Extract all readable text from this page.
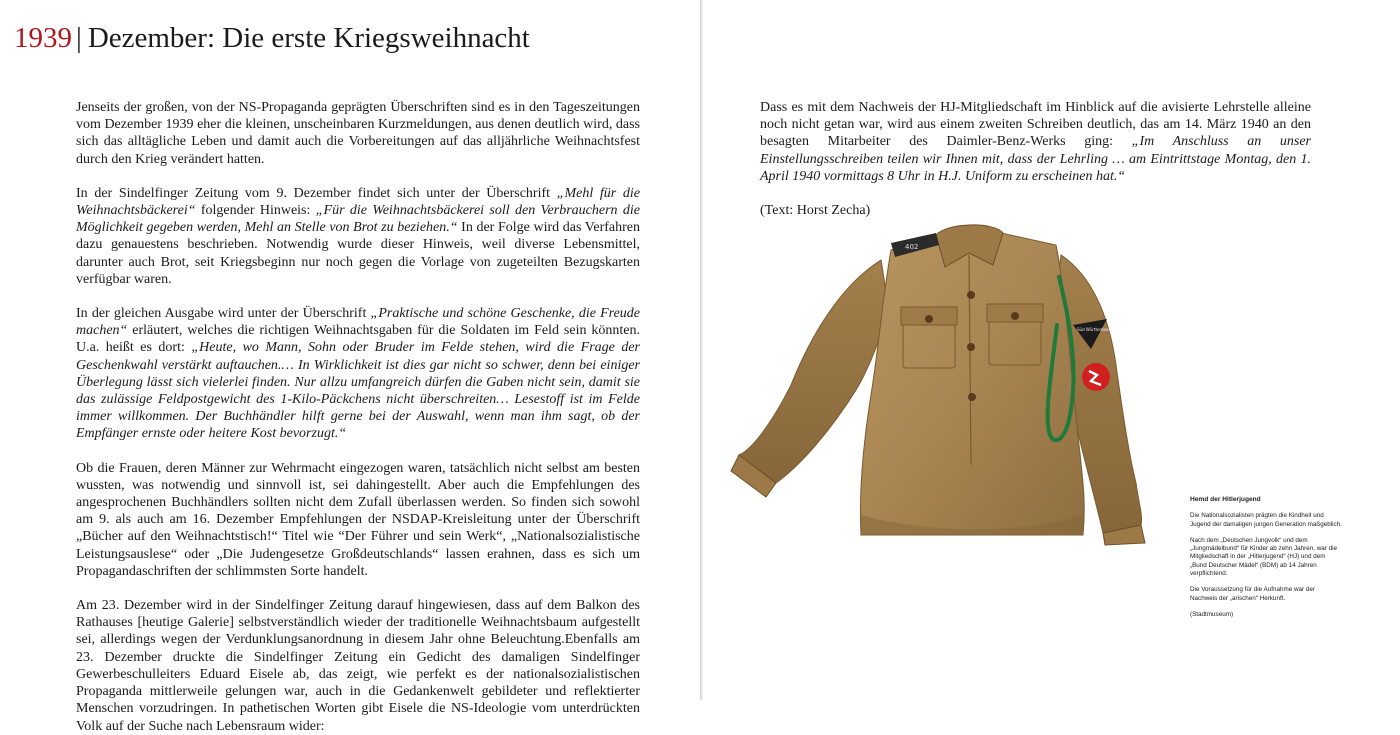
1939 | Dezember: Die erste Kriegsweihnacht

Jenseits der großen, von der NS-Propaganda geprägten Überschriften sind es in den Tageszeitungen vom Dezember 1939 eher die kleinen, unscheinbaren Kurzmeldungen, aus denen deutlich wird, dass sich das alltägliche Leben und damit auch die Vorbereitungen auf das alljährliche Weihnachtsfest durch den Krieg verändert hatten.

In der Sindelfinger Zeitung vom 9. Dezember findet sich unter der Überschrift „Mehl für die Weihnachtsbäckerei“ folgender Hinweis: „Für die Weihnachtsbäckerei soll den Verbrauchern die Möglichkeit gegeben werden, Mehl an Stelle von Brot zu beziehen.“ In der Folge wird das Verfahren dazu genauestens beschrieben. Notwendig wurde dieser Hinweis, weil diverse Lebensmittel, darunter auch Brot, seit Kriegsbeginn nur noch gegen die Vorlage von zugeteilten Bezugskarten verfügbar waren.

In der gleichen Ausgabe wird unter der Überschrift „Praktische und schöne Geschenke, die Freude machen“ erläutert, welches die richtigen Weihnachtsgaben für die Soldaten im Feld sein könnten. U.a. heißt es dort: „Heute, wo Mann, Sohn oder Bruder im Felde stehen, wird die Frage der Geschenkwahl verstärkt auftauchen.… In Wirklichkeit ist dies gar nicht so schwer, denn bei einiger Überlegung lässt sich vielerlei finden. Nur allzu umfangreich dürfen die Gaben nicht sein, damit sie das zulässige Feldpostgewicht des 1-Kilo-Päckchens nicht überschreiten… Lesestoff ist im Felde immer willkommen. Der Buchhändler hilft gerne bei der Auswahl, wenn man ihm sagt, ob der Empfänger ernste oder heitere Kost bevorzugt.“

Ob die Frauen, deren Männer zur Wehrmacht eingezogen waren, tatsächlich nicht selbst am besten wussten, was notwendig und sinnvoll ist, sei dahingestellt. Aber auch die Empfehlungen des angesprochenen Buchhändlers sollten nicht dem Zufall überlassen werden. So finden sich sowohl am 9. als auch am 16. Dezember Empfehlungen der NSDAP-Kreisleitung unter der Überschrift „Bücher auf den Weihnachtstisch!“ Titel wie “Der Führer und sein Werk“, „Nationalsozialistische Leistungsauslese“ oder „Die Judengesetze Großdeutschlands“ lassen erahnen, dass es sich um Propagandaschriften der schlimmsten Sorte handelt.

Am 23. Dezember wird in der Sindelfinger Zeitung darauf hingewiesen, dass auf dem Balkon des Rathauses [heutige Galerie] selbstverständlich wieder der traditionelle Weihnachtsbaum aufgestellt sei, allerdings wegen der Verdunklungsanordnung in diesem Jahr ohne Beleuchtung.Ebenfalls am 23. Dezember druckte die Sindelfinger Zeitung ein Gedicht des damaligen Sindelfinger Gewerbeschulleiters Eduard Eisele ab, das zeigt, wie perfekt es der nationalsozialistischen Propaganda mittlerweile gelungen war, auch in die Gedankenwelt gebildeter und reflektierter Menschen vorzudringen. In pathetischen Worten gibt Eisele die NS-Ideologie vom unterdrückten Volk auf der Suche nach Lebensraum wider:

Dass es mit dem Nachweis der HJ-Mitgliedschaft im Hinblick auf die avisierte Lehrstelle alleine noch nicht getan war, wird aus einem zweiten Schreiben deutlich, das am 14. März 1940 an den besagten Mitarbeiter des Daimler-Benz-Werks ging: „Im Anschluss an unser Einstellungsschreiben teilen wir Ihnen mit, dass der Lehrling … am Eintrittstage Montag, den 1. April 1940 vormittags 8 Uhr in H.J. Uniform zu erscheinen hat.“

(Text: Horst Zecha)

402
Süd Württemberg
Hemd der Hitlerjugend

Die Nationalsozialisten prägten die Kindheit und Jugend der damaligen jungen Generation maßgeblich.

Nach dem „Deutschen Jungvolk“ und dem „Jungmädelbund“ für Kinder ab zehn Jahren, war die Mitgliedschaft in der „Hitlerjugend“ (HJ) und dem „Bund Deutscher Mädel“ (BDM) ab 14 Jahren verpflichtend.

Die Voraussetzung für die Aufnahme war der Nachweis der „arischen“ Herkunft.

(Stadtmuseum)
